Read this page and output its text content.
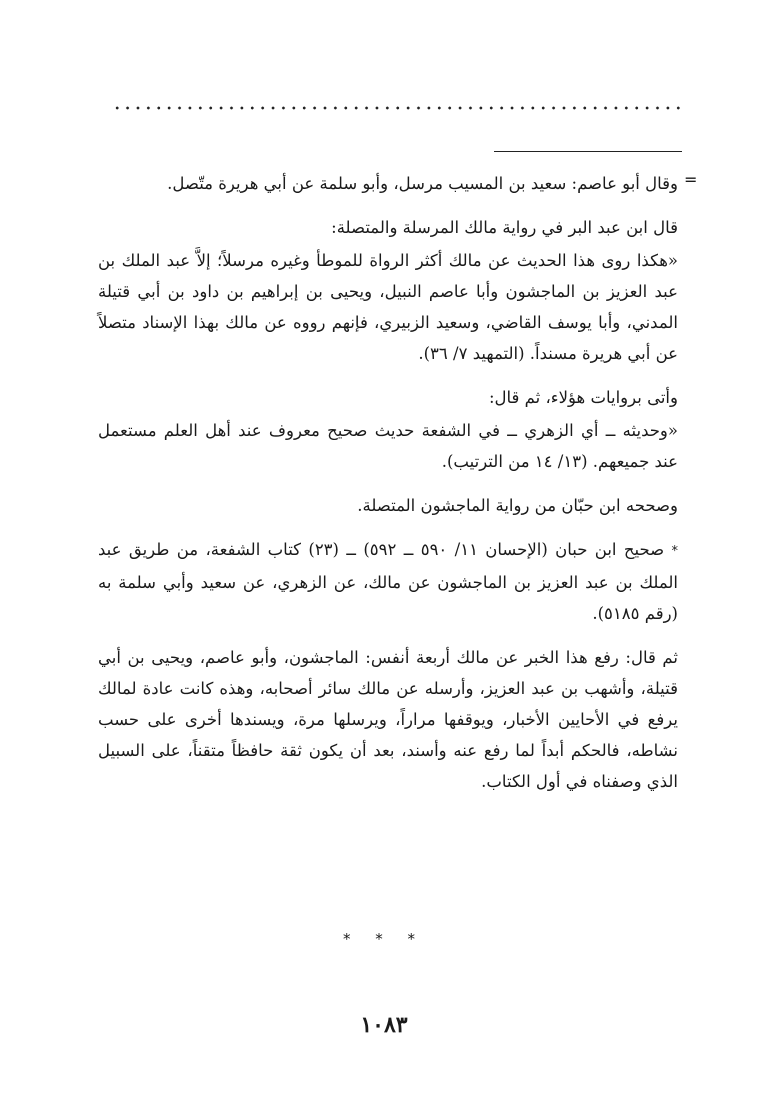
=

وقال أبو عاصم: سعيد بن المسيب مرسل، وأبو سلمة عن أبي هريرة متّصل.

قال ابن عبد البر في رواية مالك المرسلة والمتصلة:

«هكذا روى هذا الحديث عن مالك أكثر الرواة للموطأ وغيره مرسلاً؛ إلاَّ عبد الملك بن عبد العزيز بن الماجشون وأبا عاصم النبيل، ويحيى بن إبراهيم بن داود بن أبي قتيلة المدني، وأبا يوسف القاضي، وسعيد الزبيري، فإنهم رووه عن مالك بهذا الإسناد متصلاً عن أبي هريرة مسنداً. (التمهيد ٧/ ٣٦).

وأتى بروايات هؤلاء، ثم قال:

«وحديثه ــ أي الزهري ــ في الشفعة حديث صحيح معروف عند أهل العلم مستعمل عند جميعهم. (١٣/ ١٤ من الترتيب).

وصححه ابن حبّان من رواية الماجشون المتصلة.

* صحيح ابن حبان (الإحسان ١١/ ٥٩٠ ــ ٥٩٢) ــ (٢٣) كتاب الشفعة، من طريق عبد الملك بن عبد العزيز بن الماجشون عن مالك، عن الزهري، عن سعيد وأبي سلمة به (رقم ٥١٨٥).

ثم قال: رفع هذا الخبر عن مالك أربعة أنفس: الماجشون، وأبو عاصم، ويحيى بن أبي قتيلة، وأشهب بن عبد العزيز، وأرسله عن مالك سائر أصحابه، وهذه كانت عادة لمالك يرفع في الأحايين الأخبار، ويوقفها مراراً، ويرسلها مرة، ويسندها أخرى على حسب نشاطه، فالحكم أبداً لما رفع عنه وأسند، بعد أن يكون ثقة حافظاً متقناً، على السبيل الذي وصفناه في أول الكتاب.

* * *
١٠٨٣
